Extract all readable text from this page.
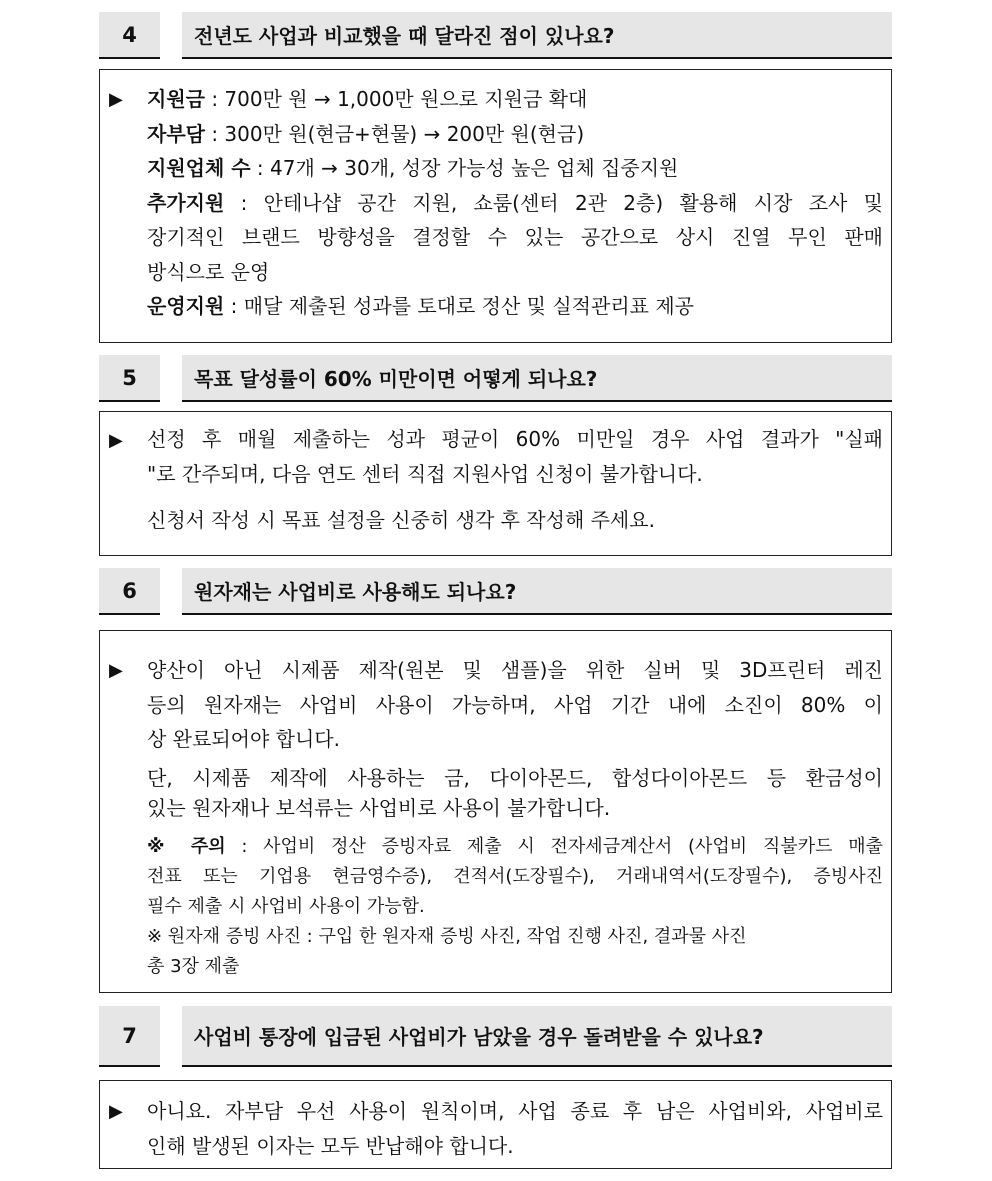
4	전년도 사업과 비교했을 때 달라진 점이 있나요?
▶ 지원금 : 700만 원 → 1,000만 원으로 지원금 확대
자부담 : 300만 원(현금+현물) → 200만 원(현금)
지원업체 수 : 47개 → 30개, 성장 가능성 높은 업체 집중지원
추가지원 : 안테나샵 공간 지원, 쇼룸(센터 2관 2층) 활용해 시장 조사 및
장기적인 브랜드 방향성을 결정할 수 있는 공간으로 상시 진열 무인 판매
방식으로 운영
운영지원 : 매달 제출된 성과를 토대로 정산 및 실적관리표 제공
5	목표 달성률이 60% 미만이면 어떻게 되나요?
▶ 선정 후 매월 제출하는 성과 평균이 60% 미만일 경우 사업 결과가 "실패
"로 간주되며, 다음 연도 센터 직접 지원사업 신청이 불가합니다.
신청서 작성 시 목표 설정을 신중히 생각 후 작성해 주세요.
6	원자재는 사업비로 사용해도 되나요?
▶ 양산이 아닌 시제품 제작(원본 및 샘플)을 위한 실버 및 3D프린터 레진
등의 원자재는 사업비 사용이 가능하며, 사업 기간 내에 소진이 80% 이
상 완료되어야 합니다.
단, 시제품 제작에 사용하는 금, 다이아몬드, 합성다이아몬드 등 환금성이
있는 원자재나 보석류는 사업비로 사용이 불가합니다.
※ 주의 : 사업비 정산 증빙자료 제출 시 전자세금계산서 (사업비 직불카드 매출
전표 또는 기업용 현금영수증), 견적서(도장필수), 거래내역서(도장필수), 증빙사진
필수 제출 시 사업비 사용이 가능함.
※ 원자재 증빙 사진 : 구입 한 원자재 증빙 사진, 작업 진행 사진, 결과물 사진
총 3장 제출
7	사업비 통장에 입금된 사업비가 남았을 경우 돌려받을 수 있나요?
▶ 아니요. 자부담 우선 사용이 원칙이며, 사업 종료 후 남은 사업비와, 사업비로
인해 발생된 이자는 모두 반납해야 합니다.
